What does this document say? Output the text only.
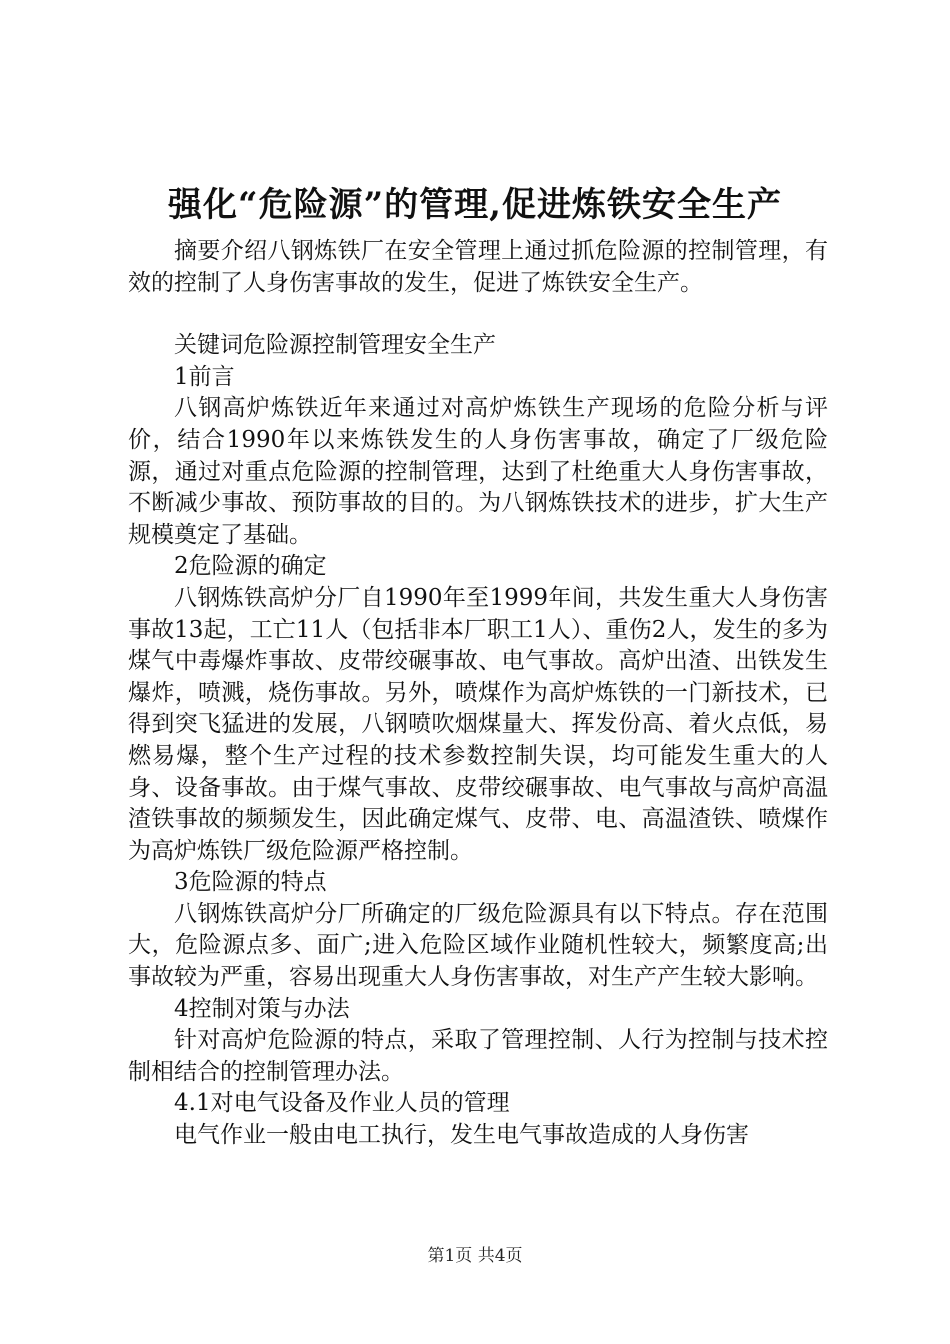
强化“危险源”的管理,促进炼铁安全生产

摘要介绍八钢炼铁厂在安全管理上通过抓危险源的控制管理，有效的控制了人身伤害事故的发生，促进了炼铁安全生产。

关键词危险源控制管理安全生产

1前言

八钢高炉炼铁近年来通过对高炉炼铁生产现场的危险分析与评价，结合1990年以来炼铁发生的人身伤害事故，确定了厂级危险源，通过对重点危险源的控制管理，达到了杜绝重大人身伤害事故，不断减少事故、预防事故的目的。为八钢炼铁技术的进步，扩大生产规模奠定了基础。

2危险源的确定

八钢炼铁高炉分厂自1990年至1999年间，共发生重大人身伤害事故13起，工亡11人（包括非本厂职工1人）、重伤2人，发生的多为煤气中毒爆炸事故、皮带绞碾事故、电气事故。高炉出渣、出铁发生爆炸，喷溅，烧伤事故。另外，喷煤作为高炉炼铁的一门新技术，已得到突飞猛进的发展，八钢喷吹烟煤量大、挥发份高、着火点低，易燃易爆，整个生产过程的技术参数控制失误，均可能发生重大的人身、设备事故。由于煤气事故、皮带绞碾事故、电气事故与高炉高温渣铁事故的频频发生，因此确定煤气、皮带、电、高温渣铁、喷煤作为高炉炼铁厂级危险源严格控制。

3危险源的特点

八钢炼铁高炉分厂所确定的厂级危险源具有以下特点。存在范围大，危险源点多、面广;进入危险区域作业随机性较大，频繁度高;出事故较为严重，容易出现重大人身伤害事故，对生产产生较大影响。

4控制对策与办法

针对高炉危险源的特点，采取了管理控制、人行为控制与技术控制相结合的控制管理办法。

4.1对电气设备及作业人员的管理

电气作业一般由电工执行，发生电气事故造成的人身伤害

第1页 共4页
